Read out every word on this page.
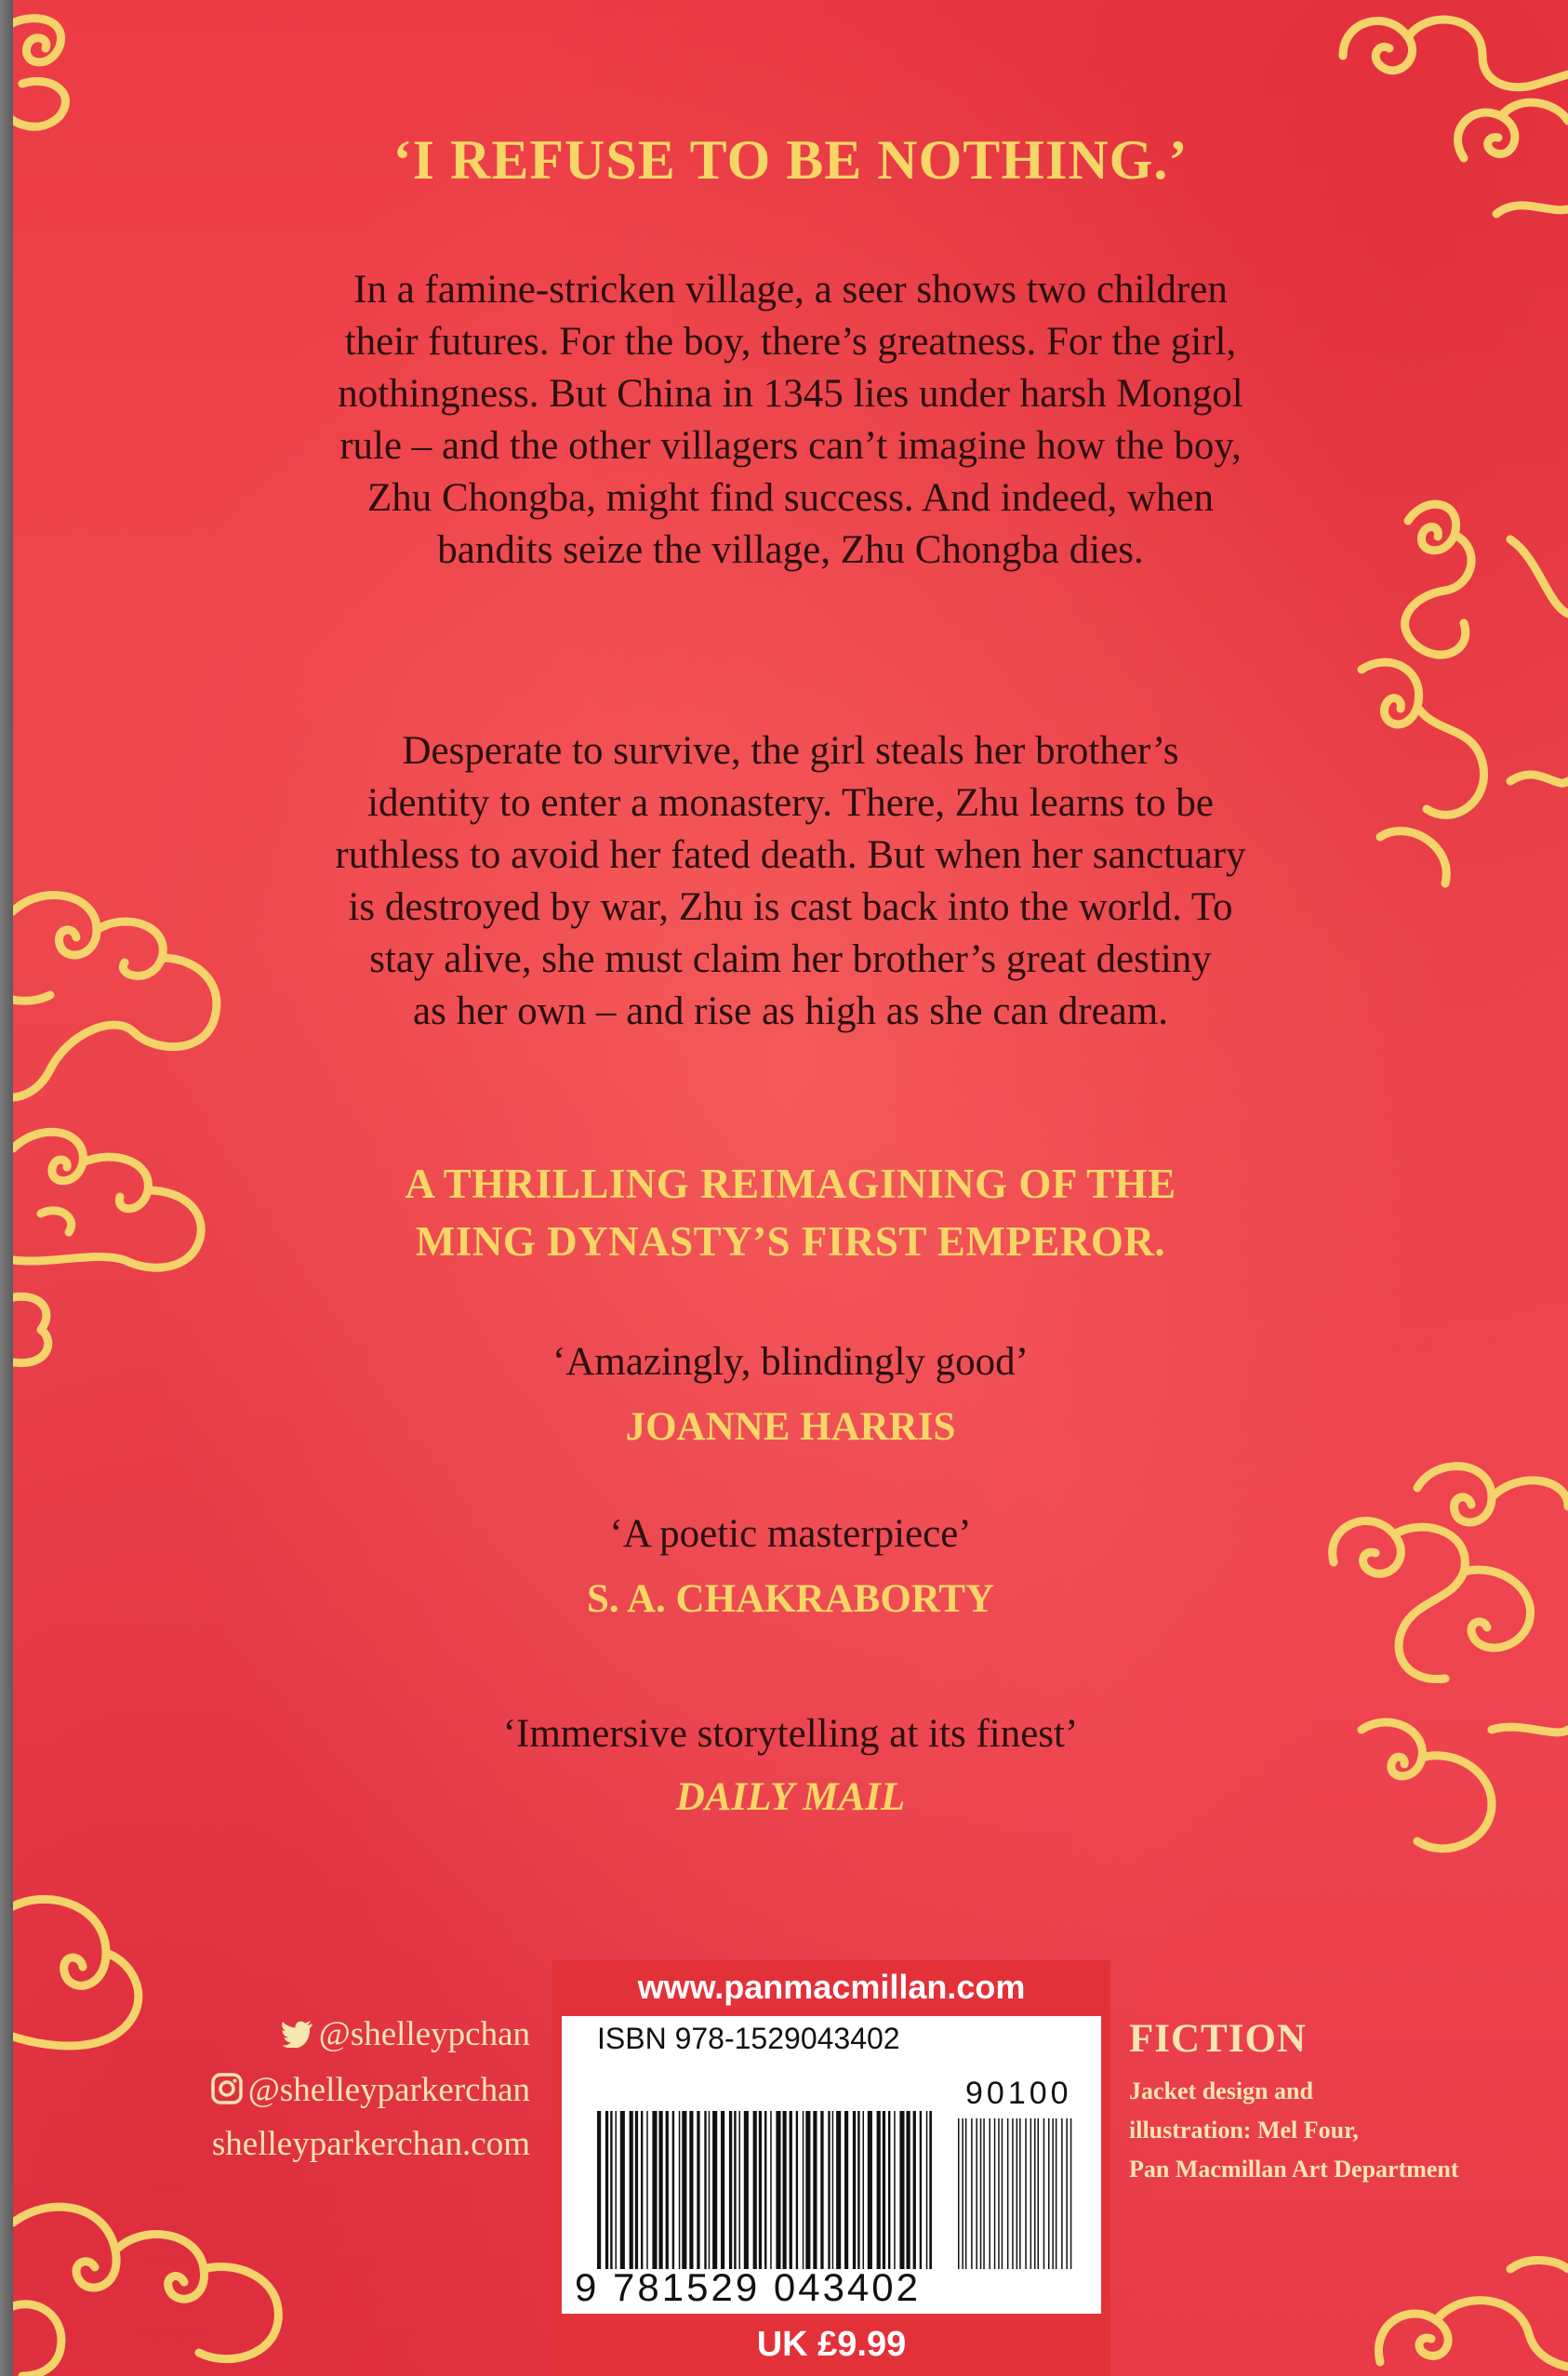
‘I REFUSE TO BE NOTHING.’
In a famine-stricken village, a seer shows two children
their futures. For the boy, there’s greatness. For the girl,
nothingness. But China in 1345 lies under harsh Mongol
rule – and the other villagers can’t imagine how the boy,
Zhu Chongba, might find success. And indeed, when
bandits seize the village, Zhu Chongba dies.
Desperate to survive, the girl steals her brother’s
identity to enter a monastery. There, Zhu learns to be
ruthless to avoid her fated death. But when her sanctuary
is destroyed by war, Zhu is cast back into the world. To
stay alive, she must claim her brother’s great destiny
as her own – and rise as high as she can dream.
A THRILLING REIMAGINING OF THE
MING DYNASTY’S FIRST EMPEROR.
‘Amazingly, blindingly good’
JOANNE HARRIS
‘A poetic masterpiece’
S. A. CHAKRABORTY
‘Immersive storytelling at its finest’
DAILY MAIL
@shelleypchan
@shelleyparkerchan
shelleyparkerchan.com
www.panmacmillan.com
ISBN 978-1529043402
90100
9 781529 043402
UK £9.99
FICTION
Jacket design and
illustration: Mel Four,
Pan Macmillan Art Department
